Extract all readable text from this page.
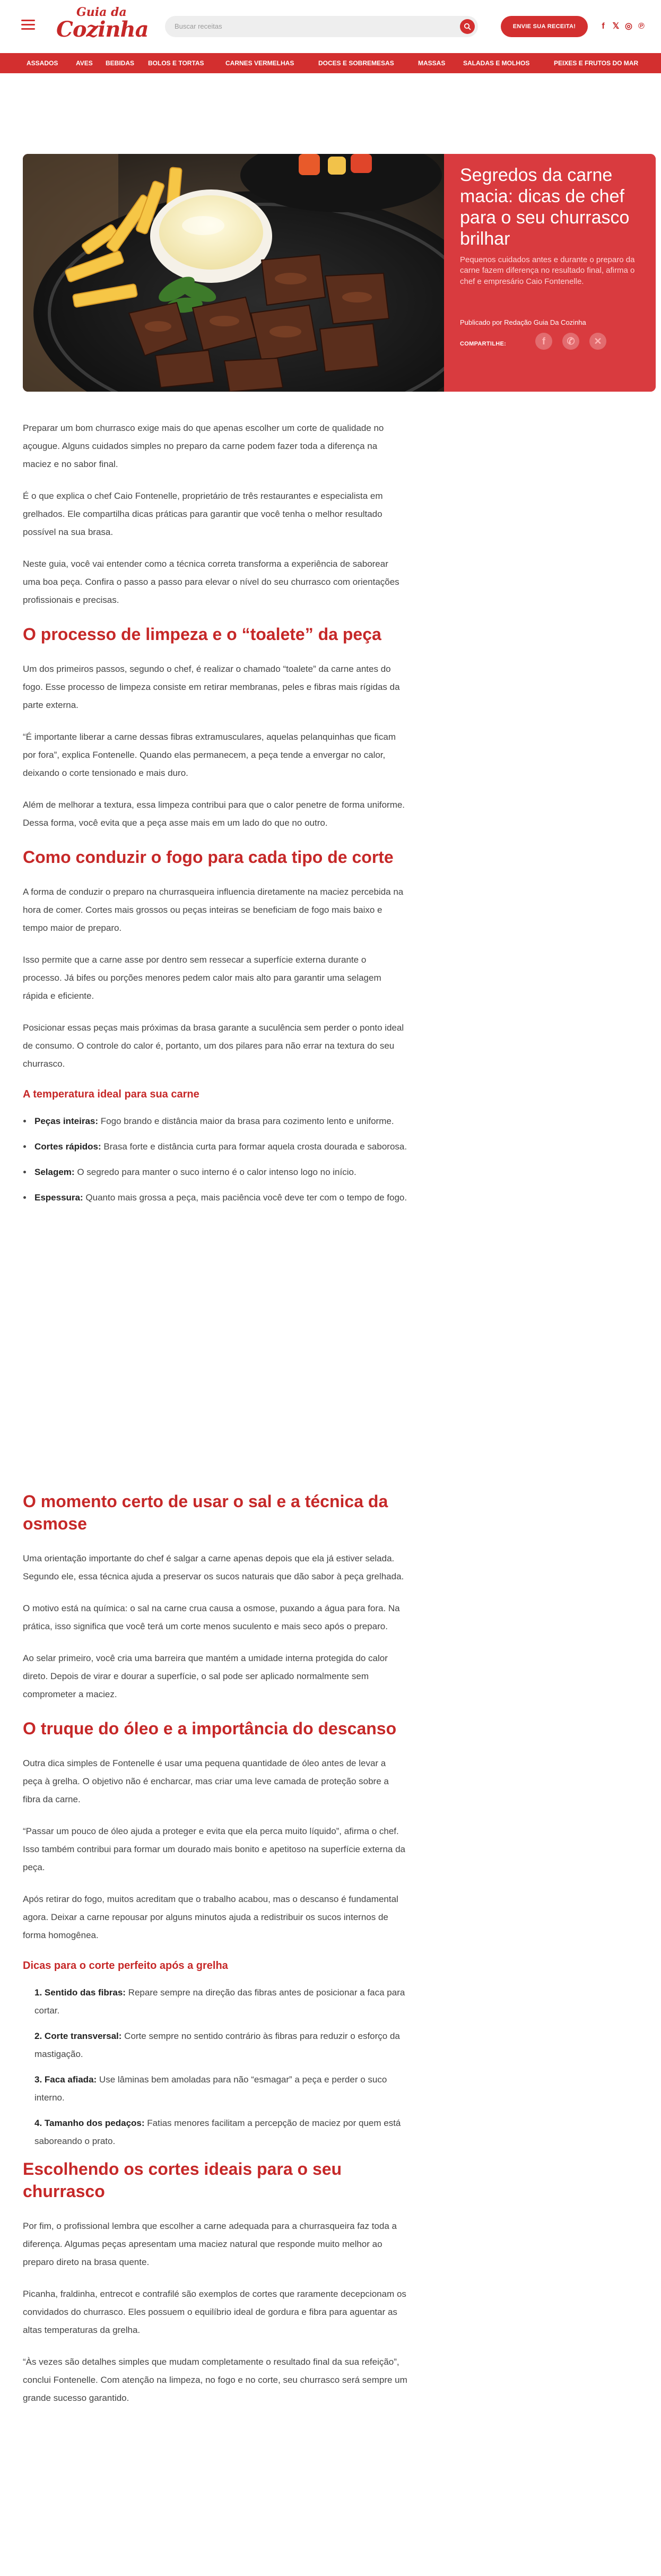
Guia da
Cozinha	Buscar receitas	ENVIE SUA RECEITA!	f 𝕏 ◎ ℗
ASSADOS	AVES BEBIDAS BOLOS E TORTAS	CARNES VERMELHAS	DOCES E SOBREMESAS	MASSAS	SALADAS E MOLHOS	PEIXES E FRUTOS DO MAR
Segredos da carne macia: dicas de chef para o seu churrasco brilhar

Pequenos cuidados antes e durante o preparo da carne fazem diferença no resultado final, afirma o chef e empresário Caio Fontenelle.

Publicado por Redação Guia Da Cozinha
COMPARTILHE:	f ✆ ✕

Preparar um bom churrasco exige mais do que apenas escolher um corte de qualidade no açougue. Alguns cuidados simples no preparo da carne podem fazer toda a diferença na maciez e no sabor final.

É o que explica o chef Caio Fontenelle, proprietário de três restaurantes e especialista em grelhados. Ele compartilha dicas práticas para garantir que você tenha o melhor resultado possível na sua brasa.

Neste guia, você vai entender como a técnica correta transforma a experiência de saborear uma boa peça. Confira o passo a passo para elevar o nível do seu churrasco com orientações profissionais e precisas.

O processo de limpeza e o “toalete” da peça

Um dos primeiros passos, segundo o chef, é realizar o chamado “toalete” da carne antes do fogo. Esse processo de limpeza consiste em retirar membranas, peles e fibras mais rígidas da parte externa.

“É importante liberar a carne dessas fibras extramusculares, aquelas pelanquinhas que ficam por fora”, explica Fontenelle. Quando elas permanecem, a peça tende a envergar no calor, deixando o corte tensionado e mais duro.

Além de melhorar a textura, essa limpeza contribui para que o calor penetre de forma uniforme. Dessa forma, você evita que a peça asse mais em um lado do que no outro.

Como conduzir o fogo para cada tipo de corte

A forma de conduzir o preparo na churrasqueira influencia diretamente na maciez percebida na hora de comer. Cortes mais grossos ou peças inteiras se beneficiam de fogo mais baixo e tempo maior de preparo.

Isso permite que a carne asse por dentro sem ressecar a superfície externa durante o processo. Já bifes ou porções menores pedem calor mais alto para garantir uma selagem rápida e eficiente.

Posicionar essas peças mais próximas da brasa garante a suculência sem perder o ponto ideal de consumo. O controle do calor é, portanto, um dos pilares para não errar na textura do seu churrasco.

A temperatura ideal para sua carne
• Peças inteiras: Fogo brando e distância maior da brasa para cozimento lento e uniforme.
• Cortes rápidos: Brasa forte e distância curta para formar aquela crosta dourada e saborosa.
• Selagem: O segredo para manter o suco interno é o calor intenso logo no início.
• Espessura: Quanto mais grossa a peça, mais paciência você deve ter com o tempo de fogo.
O momento certo de usar o sal e a técnica da osmose

Uma orientação importante do chef é salgar a carne apenas depois que ela já estiver selada. Segundo ele, essa técnica ajuda a preservar os sucos naturais que dão sabor à peça grelhada.

O motivo está na química: o sal na carne crua causa a osmose, puxando a água para fora. Na prática, isso significa que você terá um corte menos suculento e mais seco após o preparo.

Ao selar primeiro, você cria uma barreira que mantém a umidade interna protegida do calor direto. Depois de virar e dourar a superfície, o sal pode ser aplicado normalmente sem comprometer a maciez.

O truque do óleo e a importância do descanso

Outra dica simples de Fontenelle é usar uma pequena quantidade de óleo antes de levar a peça à grelha. O objetivo não é encharcar, mas criar uma leve camada de proteção sobre a fibra da carne.

“Passar um pouco de óleo ajuda a proteger e evita que ela perca muito líquido”, afirma o chef. Isso também contribui para formar um dourado mais bonito e apetitoso na superfície externa da peça.

Após retirar do fogo, muitos acreditam que o trabalho acabou, mas o descanso é fundamental agora. Deixar a carne repousar por alguns minutos ajuda a redistribuir os sucos internos de forma homogênea.

Dicas para o corte perfeito após a grelha
1. Sentido das fibras: Repare sempre na direção das fibras antes de posicionar a faca para cortar.
2. Corte transversal: Corte sempre no sentido contrário às fibras para reduzir o esforço da mastigação.
3. Faca afiada: Use lâminas bem amoladas para não “esmagar” a peça e perder o suco interno.
4. Tamanho dos pedaços: Fatias menores facilitam a percepção de maciez por quem está saboreando o prato.
Escolhendo os cortes ideais para o seu churrasco

Por fim, o profissional lembra que escolher a carne adequada para a churrasqueira faz toda a diferença. Algumas peças apresentam uma maciez natural que responde muito melhor ao preparo direto na brasa quente.

Picanha, fraldinha, entrecot e contrafilé são exemplos de cortes que raramente decepcionam os convidados do churrasco. Eles possuem o equilíbrio ideal de gordura e fibra para aguentar as altas temperaturas da grelha.

“Às vezes são detalhes simples que mudam completamente o resultado final da sua refeição”, conclui Fontenelle. Com atenção na limpeza, no fogo e no corte, seu churrasco será sempre um grande sucesso garantido.
